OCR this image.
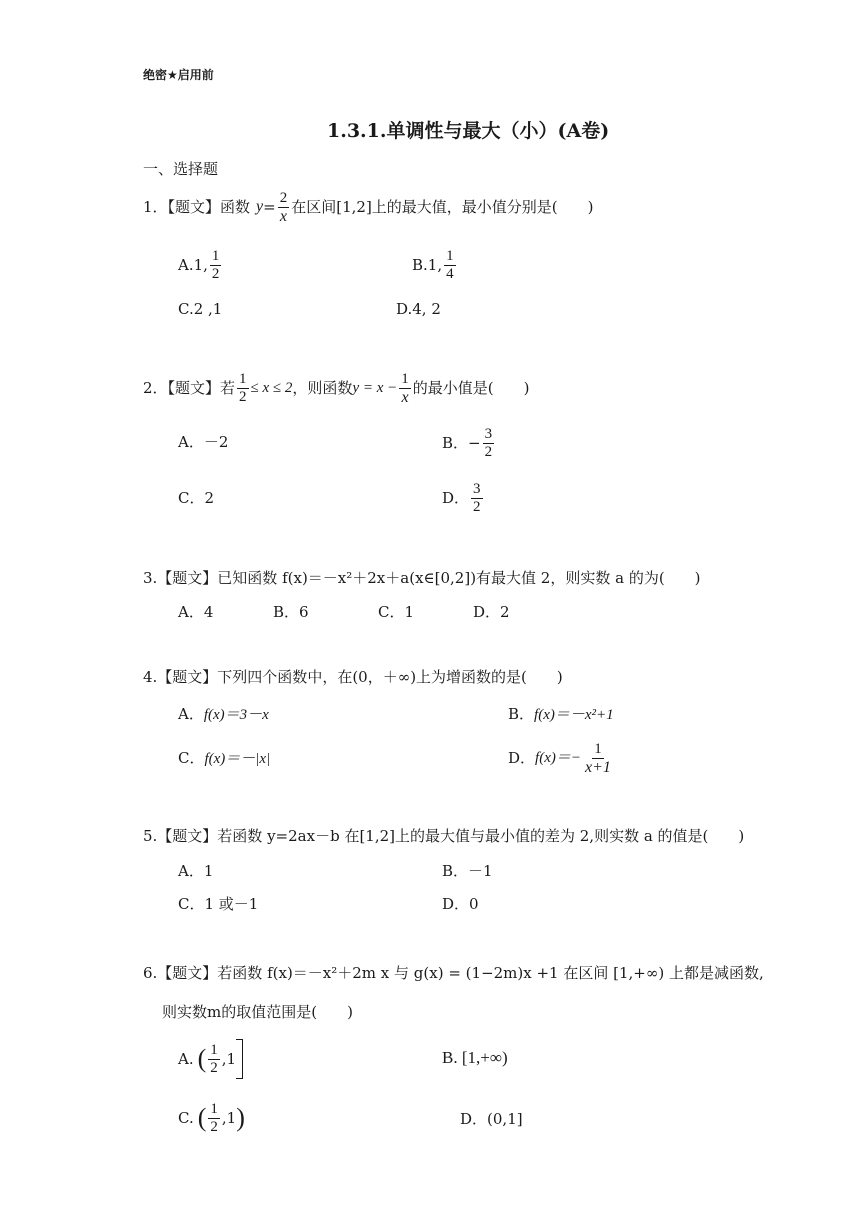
绝密★启用前
1.3.1.单调性与最大（小）(A卷)
一、选择题
1．【题文】函数 $y = \frac{2}{x}$ 在区间[1,2]上的最大值，最小值分别是(　　)
A.1, $\frac{1}{2}$	B.1, $\frac{1}{4}$
C.2 ,1	D.4, 2
2．【题文】若 $\frac{1}{2} \le x \le 2$ ，则函数 $y = x - \frac{1}{x}$ 的最小值是(　　)
A．－2	B． − $\frac{3}{2}$
C．2	D． $\frac{3}{2}$
3.【题文】已知函数 f(x)＝－x²＋2x＋a(x∈[0,2])有最大值 2，则实数 a 的为(　　)
A．4	B．6	C．1	D．2
4.【题文】下列四个函数中，在(0，＋∞)上为增函数的是(　　)
A．f(x)＝3－x	B．f(x)＝－x²+1
C．f(x)＝－|x|	D． $f(x)=- \frac{1}{x+1}$
5.【题文】若函数 y=2ax－b 在[1,2]上的最大值与最小值的差为 2,则实数 a 的值是(　　)
A．1	B．－1
C．1 或－1	D．0
6.【题文】若函数 f(x)＝－x²＋2m x 与 g(x) = (1−2m)x +1 在区间 [1,+∞) 上都是减函数,
则实数m的取值范围是(　　)
A. ( $\frac{1}{2} ,1$	B. [1,+∞)
C. ( $\frac{1}{2} ,1$ )	D．(0,1]
